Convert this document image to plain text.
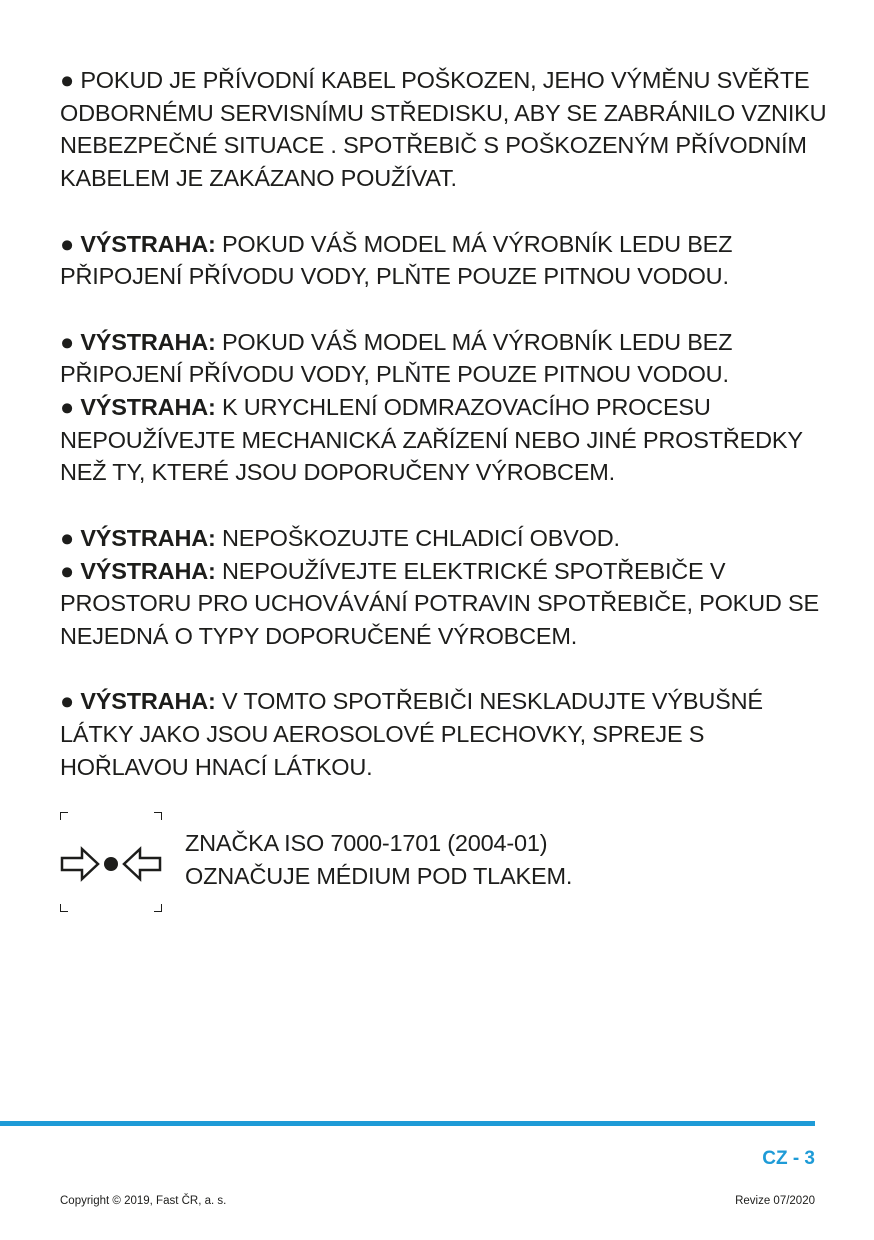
● POKUD JE PŘÍVODNÍ KABEL POŠKOZEN, JEHO VÝMĚNU SVĚŘTE ODBORNÉMU SERVISNÍMU STŘEDISKU, ABY SE ZABRÁNILO VZNIKU NEBEZPEČNÉ SITUACE . SPOTŘEBIČ S POŠKOZENÝM PŘÍVODNÍM KABELEM JE ZAKÁZANO POUŽÍVAT.

● VÝSTRAHA: POKUD VÁŠ MODEL MÁ VÝROBNÍK LEDU BEZ PŘIPOJENÍ PŘÍVODU VODY, PLŇTE POUZE PITNOU VODOU.

● VÝSTRAHA: POKUD VÁŠ MODEL MÁ VÝROBNÍK LEDU BEZ PŘIPOJENÍ PŘÍVODU VODY, PLŇTE POUZE PITNOU VODOU.

● VÝSTRAHA: K URYCHLENÍ ODMRAZOVACÍHO PROCESU NEPOUŽÍVEJTE MECHANICKÁ ZAŘÍZENÍ NEBO JINÉ PROSTŘEDKY NEŽ TY, KTERÉ JSOU DOPORUČENY VÝROBCEM.

● VÝSTRAHA: NEPOŠKOZUJTE CHLADICÍ OBVOD.

● VÝSTRAHA: NEPOUŽÍVEJTE ELEKTRICKÉ SPOTŘEBIČE V PROSTORU PRO UCHOVÁVÁNÍ POTRAVIN SPOTŘEBIČE, POKUD SE NEJEDNÁ O TYPY DOPORUČENÉ VÝROBCEM.

● VÝSTRAHA: V TOMTO SPOTŘEBIČI NESKLADUJTE VÝBUŠNÉ LÁTKY JAKO JSOU AEROSOLOVÉ PLECHOVKY, SPREJE S HOŘLAVOU HNACÍ LÁTKOU.

ZNAČKA ISO 7000-1701 (2004-01)
OZNAČUJE MÉDIUM POD TLAKEM.
CZ - 3
Copyright © 2019, Fast ČR, a. s.	Revize 07/2020
